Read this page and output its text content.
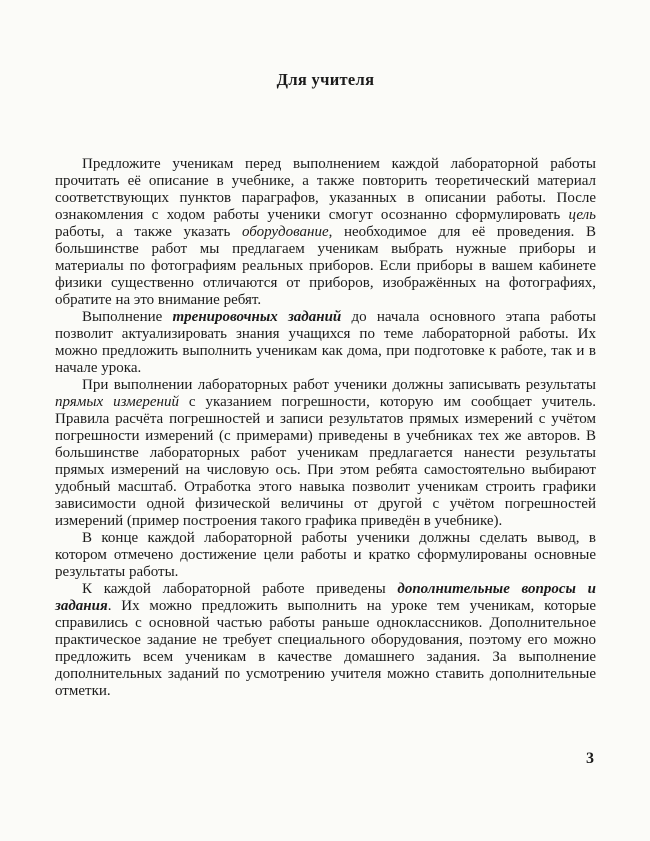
Для учителя

Предложите ученикам перед выполнением каждой лабораторной работы прочитать её описание в учебнике, а также повторить теоретический материал соответствующих пунктов параграфов, указанных в описании работы. После ознакомления с ходом работы ученики смогут осознанно сформулировать цель работы, а также указать оборудование, необходимое для её проведения. В большинстве работ мы предлагаем ученикам выбрать нужные приборы и материалы по фотографиям реальных приборов. Если приборы в вашем кабинете физики существенно отличаются от приборов, изображённых на фотографиях, обратите на это внимание ребят.

Выполнение тренировочных заданий до начала основного этапа работы позволит актуализировать знания учащихся по теме лабораторной работы. Их можно предложить выполнить ученикам как дома, при подготовке к работе, так и в начале урока.

При выполнении лабораторных работ ученики должны записывать результаты прямых измерений с указанием погрешности, которую им сообщает учитель. Правила расчёта погрешностей и записи результатов прямых измерений с учётом погрешности измерений (с примерами) приведены в учебниках тех же авторов. В большинстве лабораторных работ ученикам предлагается нанести результаты прямых измерений на числовую ось. При этом ребята самостоятельно выбирают удобный масштаб. Отработка этого навыка позволит ученикам строить графики зависимости одной физической величины от другой с учётом погрешностей измерений (пример построения такого графика приведён в учебнике).

В конце каждой лабораторной работы ученики должны сделать вывод, в котором отмечено достижение цели работы и кратко сформулированы основные результаты работы.

К каждой лабораторной работе приведены дополнительные вопросы и задания. Их можно предложить выполнить на уроке тем ученикам, которые справились с основной частью работы раньше одноклассников. Дополнительное практическое задание не требует специального оборудования, поэтому его можно предложить всем ученикам в качестве домашнего задания. За выполнение дополнительных заданий по усмотрению учителя можно ставить дополнительные отметки.

3
